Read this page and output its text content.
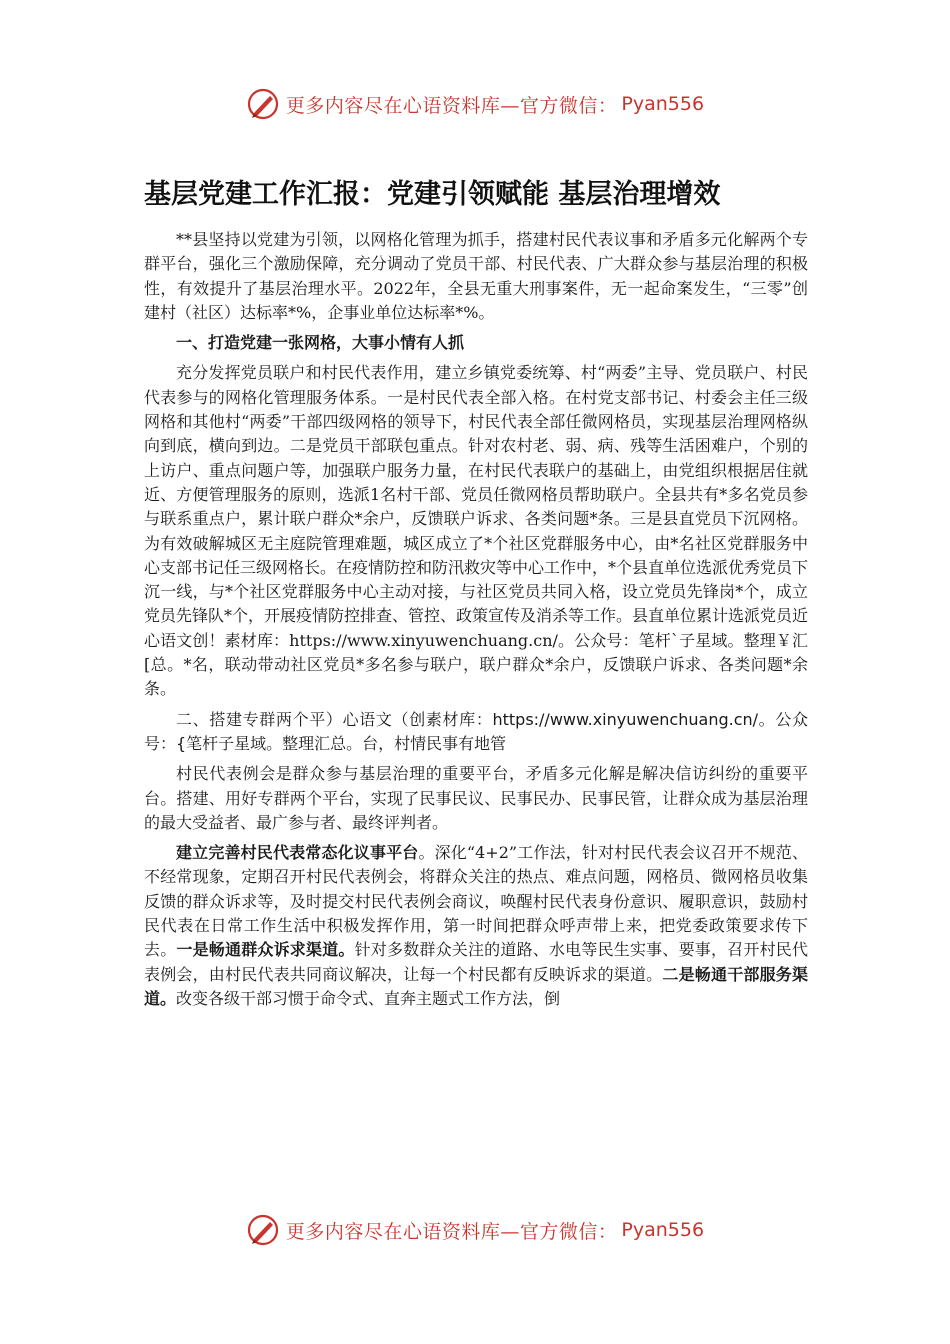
更多内容尽在心语资料库—官方微信： Pyan556
基层党建工作汇报：党建引领赋能 基层治理增效

**县坚持以党建为引领，以网格化管理为抓手，搭建村民代表议事和矛盾多元化解两个专群平台，强化三个激励保障，充分调动了党员干部、村民代表、广大群众参与基层治理的积极性，有效提升了基层治理水平。2022年，全县无重大刑事案件，无一起命案发生，“三零”创建村（社区）达标率*%，企事业单位达标率*%。

一、打造党建一张网格，大事小情有人抓

充分发挥党员联户和村民代表作用，建立乡镇党委统筹、村“两委”主导、党员联户、村民代表参与的网格化管理服务体系。一是村民代表全部入格。在村党支部书记、村委会主任三级网格和其他村“两委”干部四级网格的领导下，村民代表全部任微网格员，实现基层治理网格纵向到底，横向到边。二是党员干部联包重点。针对农村老、弱、病、残等生活困难户，个别的上访户、重点问题户等，加强联户服务力量，在村民代表联户的基础上，由党组织根据居住就近、方便管理服务的原则，选派1名村干部、党员任微网格员帮助联户。全县共有*多名党员参与联系重点户，累计联户群众*余户，反馈联户诉求、各类问题*条。三是县直党员下沉网格。为有效破解城区无主庭院管理难题，城区成立了*个社区党群服务中心，由*名社区党群服务中心支部书记任三级网格长。在疫情防控和防汛救灾等中心工作中，*个县直单位选派优秀党员下沉一线，与*个社区党群服务中心主动对接，与社区党员共同入格，设立党员先锋岗*个，成立党员先锋队*个，开展疫情防控排查、管控、政策宣传及消杀等工作。县直单位累计选派党员近心语文创！素材库：https://www.xinyuwenchuang.cn/。公众号：笔杆`子星域。整理￥汇[总。*名，联动带动社区党员*多名参与联户，联户群众*余户，反馈联户诉求、各类问题*余条。

二、搭建专群两个平）心语文（创素材库：https://www.xinyuwenchuang.cn/。公众号：{笔杆子星域。整理汇总。台，村情民事有地管

村民代表例会是群众参与基层治理的重要平台，矛盾多元化解是解决信访纠纷的重要平台。搭建、用好专群两个平台，实现了民事民议、民事民办、民事民管，让群众成为基层治理的最大受益者、最广参与者、最终评判者。

建立完善村民代表常态化议事平台。深化“4+2”工作法，针对村民代表会议召开不规范、不经常现象，定期召开村民代表例会，将群众关注的热点、难点问题，网格员、微网格员收集反馈的群众诉求等，及时提交村民代表例会商议，唤醒村民代表身份意识、履职意识，鼓励村民代表在日常工作生活中积极发挥作用，第一时间把群众呼声带上来，把党委政策要求传下去。一是畅通群众诉求渠道。针对多数群众关注的道路、水电等民生实事、要事，召开村民代表例会，由村民代表共同商议解决，让每一个村民都有反映诉求的渠道。二是畅通干部服务渠道。改变各级干部习惯于命令式、直奔主题式工作方法，倒

更多内容尽在心语资料库—官方微信： Pyan556
